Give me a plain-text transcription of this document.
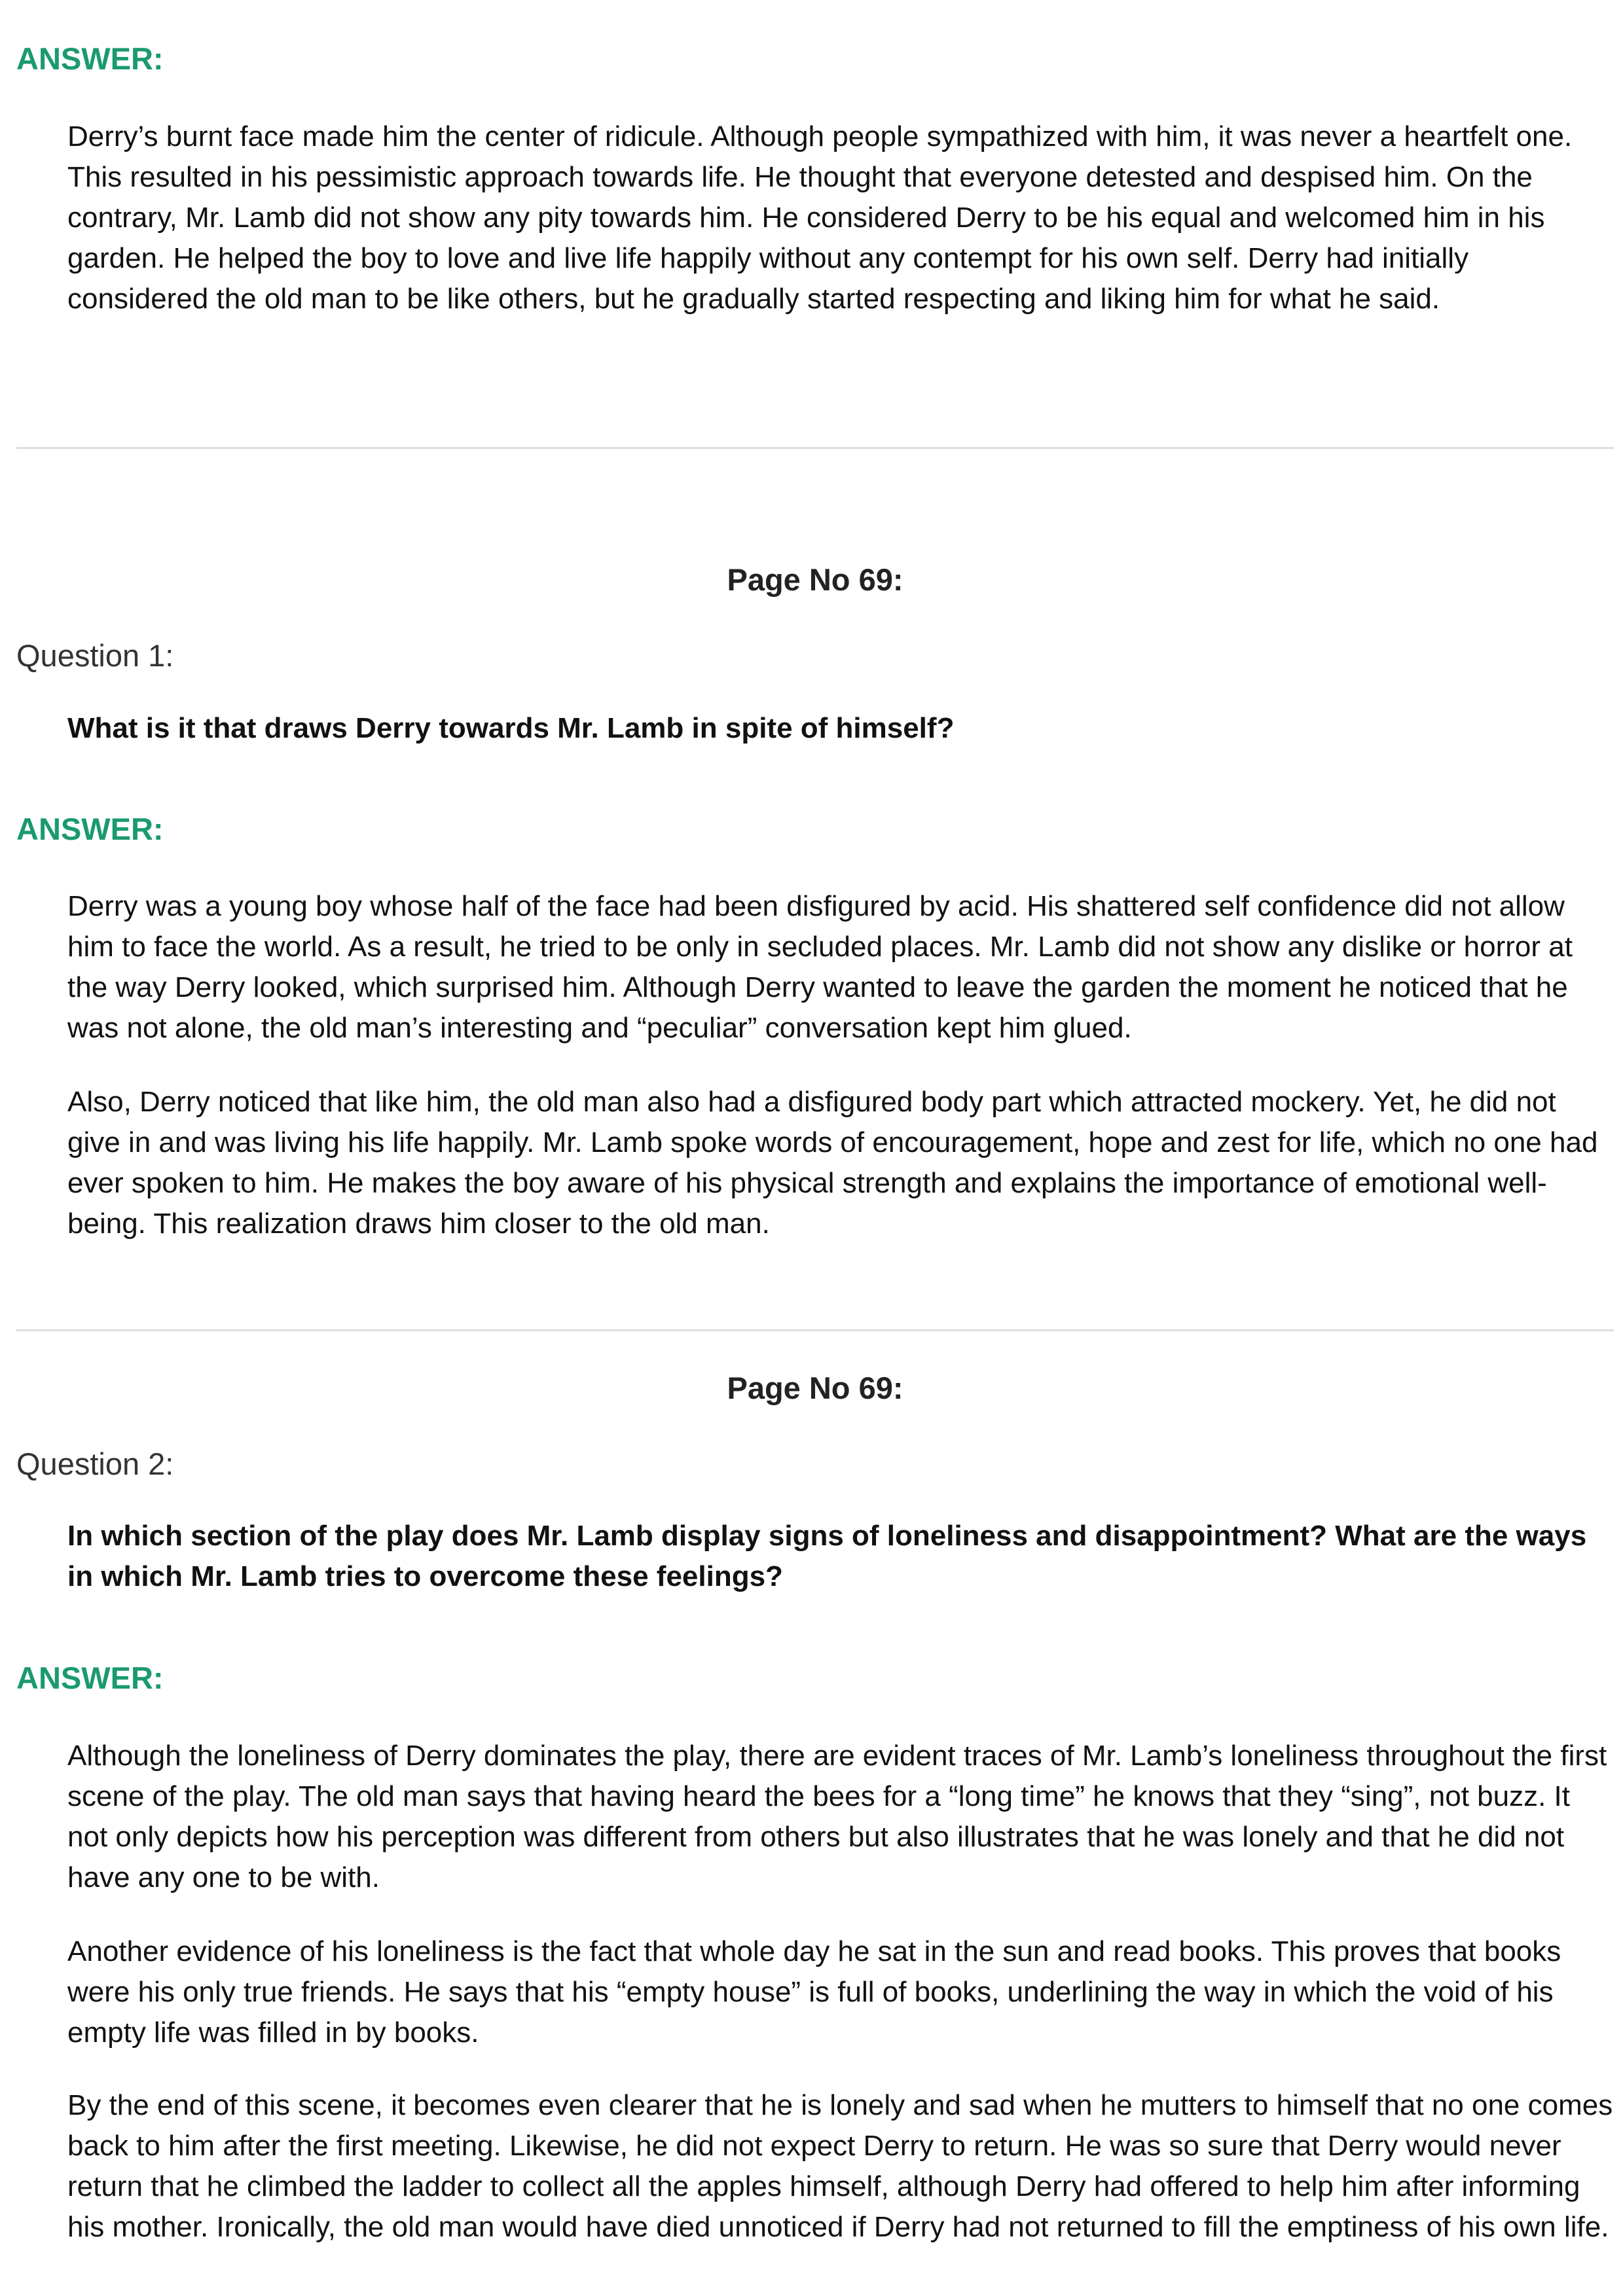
ANSWER:

Derry’s burnt face made him the center of ridicule. Although people sympathized with him, it was never a heartfelt one. This resulted in his pessimistic approach towards life. He thought that everyone detested and despised him. On the contrary, Mr. Lamb did not show any pity towards him. He considered Derry to be his equal and welcomed him in his garden. He helped the boy to love and live life happily without any contempt for his own self. Derry had initially considered the old man to be like others, but he gradually started respecting and liking him for what he said.

Page No 69:

Question 1:

What is it that draws Derry towards Mr. Lamb in spite of himself?

ANSWER:

Derry was a young boy whose half of the face had been disfigured by acid. His shattered self confidence did not allow him to face the world. As a result, he tried to be only in secluded places. Mr. Lamb did not show any dislike or horror at the way Derry looked, which surprised him. Although Derry wanted to leave the garden the moment he noticed that he was not alone, the old man’s interesting and “peculiar” conversation kept him glued.

Also, Derry noticed that like him, the old man also had a disfigured body part which attracted mockery. Yet, he did not give in and was living his life happily. Mr. Lamb spoke words of encouragement, hope and zest for life, which no one had ever spoken to him. He makes the boy aware of his physical strength and explains the importance of emotional well-being. This realization draws him closer to the old man.

Page No 69:

Question 2:

In which section of the play does Mr. Lamb display signs of loneliness and disappointment? What are the ways in which Mr. Lamb tries to overcome these feelings?

ANSWER:

Although the loneliness of Derry dominates the play, there are evident traces of Mr. Lamb’s loneliness throughout the first scene of the play. The old man says that having heard the bees for a “long time” he knows that they “sing”, not buzz. It not only depicts how his perception was different from others but also illustrates that he was lonely and that he did not have any one to be with.

Another evidence of his loneliness is the fact that whole day he sat in the sun and read books. This proves that books were his only true friends. He says that his “empty house” is full of books, underlining the way in which the void of his empty life was filled in by books.

By the end of this scene, it becomes even clearer that he is lonely and sad when he mutters to himself that no one comes back to him after the first meeting. Likewise, he did not expect Derry to return. He was so sure that Derry would never return that he climbed the ladder to collect all the apples himself, although Derry had offered to help him after informing his mother. Ironically, the old man would have died unnoticed if Derry had not returned to fill the emptiness of his own life.
